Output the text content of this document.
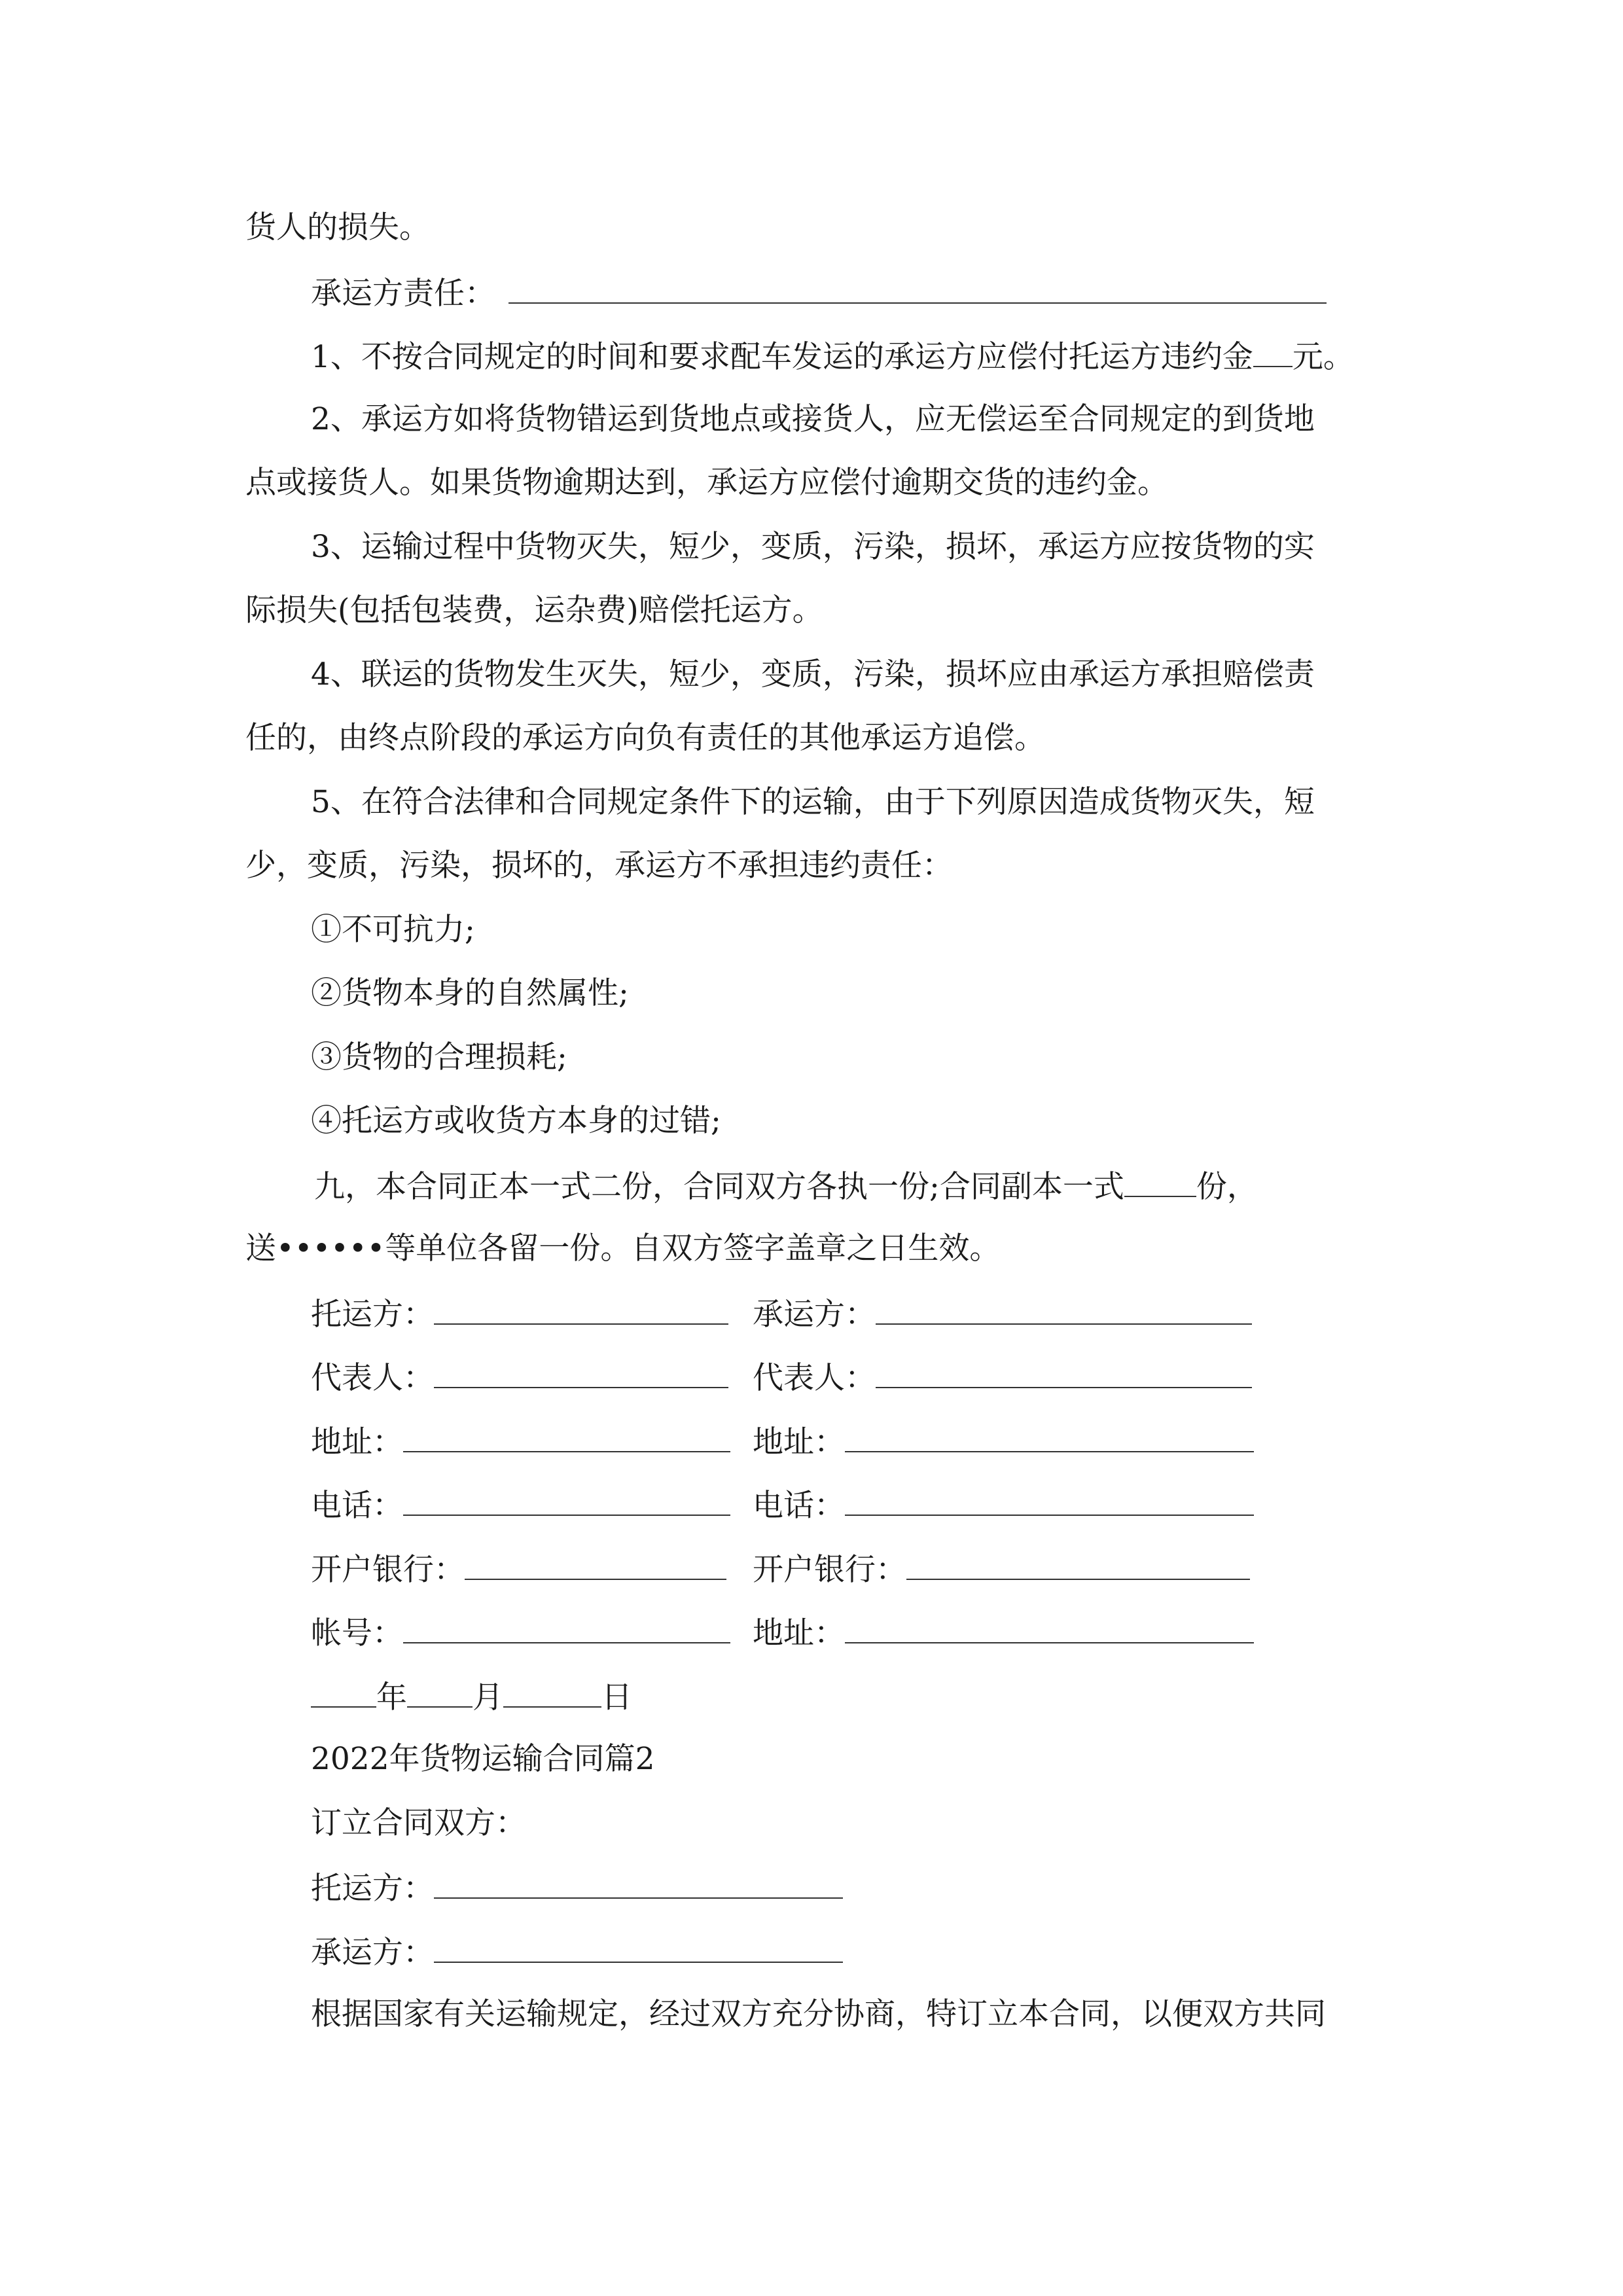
货人的损失。
承运方责任：
1、不按合同规定的时间和要求配车发运的承运方应偿付托运方违约金 元。
2、承运方如将货物错运到货地点或接货人，应无偿运至合同规定的到货地
点或接货人。如果货物逾期达到，承运方应偿付逾期交货的违约金。
3、运输过程中货物灭失，短少，变质，污染，损坏，承运方应按货物的实
际损失(包括包装费，运杂费)赔偿托运方。
4、联运的货物发生灭失，短少，变质，污染，损坏应由承运方承担赔偿责
任的，由终点阶段的承运方向负有责任的其他承运方追偿。
5、在符合法律和合同规定条件下的运输，由于下列原因造成货物灭失，短
少，变质，污染，损坏的，承运方不承担违约责任：
①不可抗力;
②货物本身的自然属性;
③货物的合理损耗;
④托运方或收货方本身的过错;
九，本合同正本一式二份，合同双方各执一份;合同副本一式 份，
送••••••等单位各留一份。自双方签字盖章之日生效。
托运方：	承运方：
代表人：	代表人：
地址：	地址：
电话：	电话：
开户银行：	开户银行：
帐号：	地址：
年 月	日
2022年货物运输合同篇2
订立合同双方：
托运方：
承运方：
根据国家有关运输规定，经过双方充分协商，特订立本合同，以便双方共同
